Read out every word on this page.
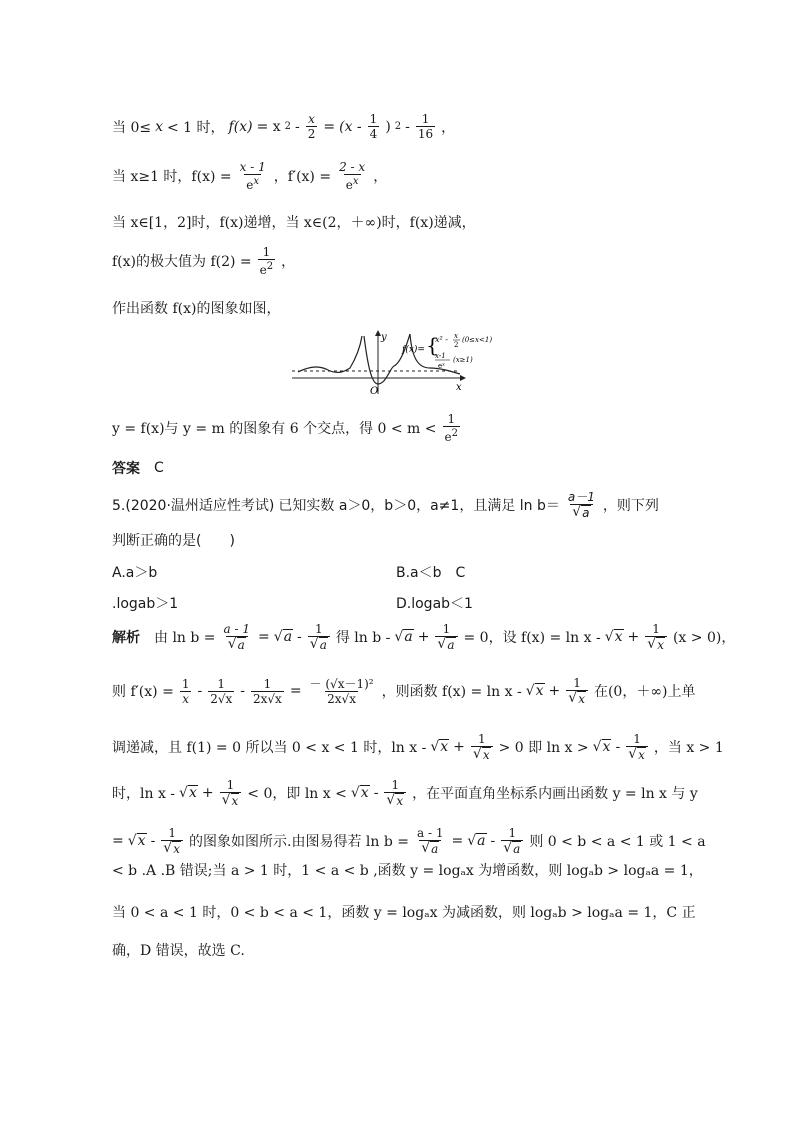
当 0≤ x < 1 时， f(x) = x $2 - \frac{x}{2} = (x - \frac{1}{4}$ ) $2 - \frac{1}{16}$ ，
当 x≥1 时，$f(x) = \frac{x - 1}{e^x}$ ，$f'(x) = \frac{2 - x}{e^x}$ ，
当 x∈[1，2]时，f(x)递增，当 x∈(2，＋∞)时，f(x)递减，
f(x)的极大值为 $f(2) = \frac{1}{e^2}$ ，
作出函数 f(x)的图象如图，
O
y
x
f(x)= {
x² - x
2
(0≤x<1)
x-1
eˣ
(x≥1)
y = f(x)与 y = m 的图象有 6 个交点，得 $0 < m < \frac{1}{e^2}$
答案 C
5.(2020·温州适应性考试) 已知实数 a＞0，b＞0，a≠1，且满足 $\ln b= \frac{a-1}{√ a}$ ，则下列
判断正确的是(　　)
A.a＞b	B.a＜b　C
.logab＞1	D.logab＜1
解析 由 $\ln b = \frac{a - 1}{√ a}$ = √ a - $\frac{1}{√ a}$ 得 ln b - √ $a + \frac{1}{√ a} = 0$，设 f(x) = ln x - √ $x + \frac{1}{√ x} (x > 0)$，
则 $f'(x) = \frac{1}{x} - \frac{1}{2√x} - \frac{1}{2x√x} = \frac{\text{－ (√x－1)²}}{2x√x}$ ，则函数 f(x) = ln x - √ $x + \frac{1}{√ x}$ 在(0，＋∞)上单
调递减，且 f(1) = 0 所以当 0 < x < 1 时，ln x - √ $x + \frac{1}{√ x} > 0$ 即 ln x > √ x - $\frac{1}{√ x}$ ，当 x > 1
时，ln x - √ $x + \frac{1}{√ x} < 0$，即 ln x < √ x - $\frac{1}{√ x}$ ，在平面直角坐标系内画出函数 y = ln x 与 y
= √ x - $\frac{1}{√ x}$ 的图象如图所示.由图易得若 $\ln b = \frac{a - 1}{√ a}$ = √ a - $\frac{1}{√ a}$ 则 0 < b < a < 1 或 1 < a
< b .A .B 错误;当 a > 1 时，1 < a < b ,函数 y = logₐx 为增函数，则 logₐb > logₐa = 1，
当 0 < a < 1 时，0 < b < a < 1，函数 y = logₐx 为减函数，则 logₐb > logₐa = 1，C 正
确，D 错误，故选 C.
